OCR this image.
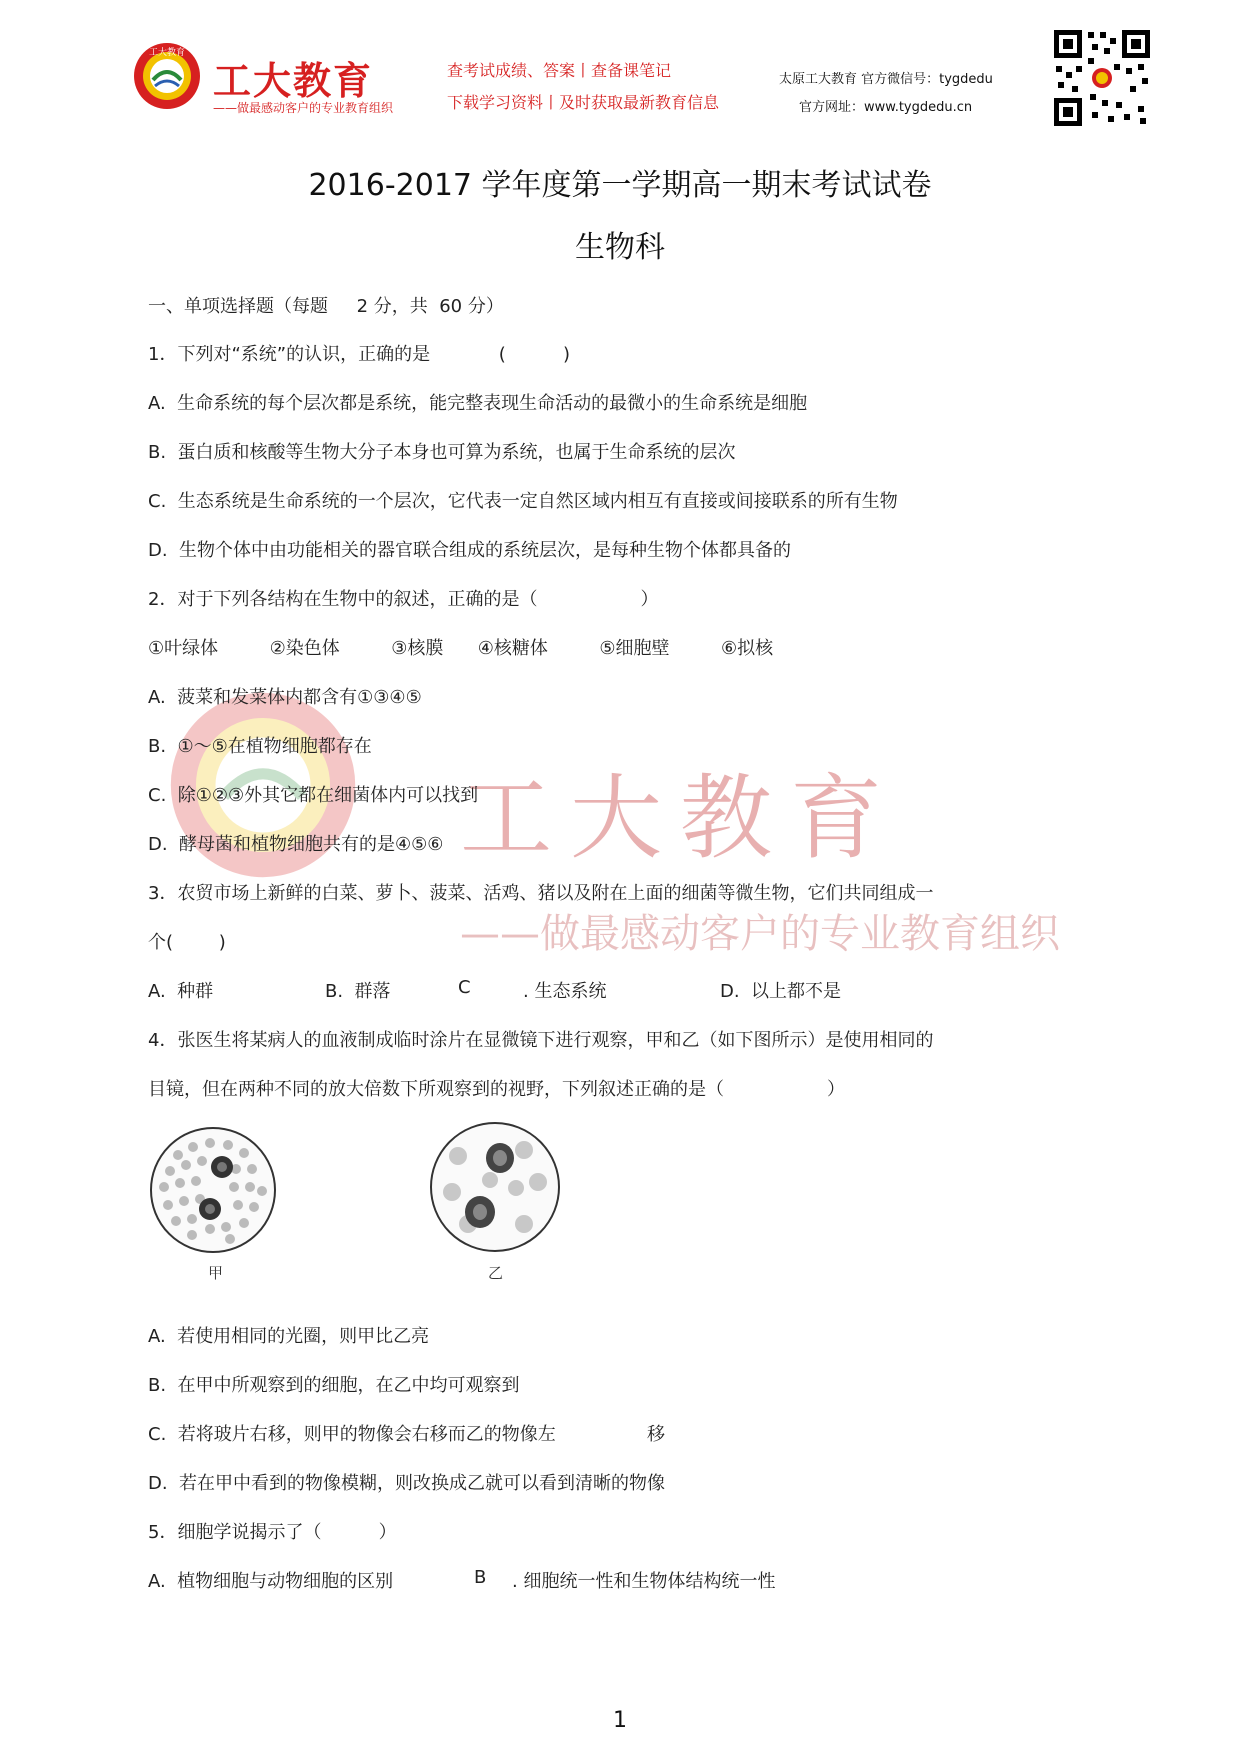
工大教育
工大教育
——做最感动客户的专业教育组织
查考试成绩、答案丨查备课笔记
下载学习资料丨及时获取最新教育信息
太原工大教育 官方微信号：tygdedu
官方网址：www.tygdedu.cn
2016-2017 学年度第一学期高一期末考试试卷
生物科
工大教育
——做最感动客户的专业教育组织
一、单项选择题（每题     2 分，共  60 分）
1．下列对“系统”的认识，正确的是            (          )
A.  生命系统的每个层次都是系统，能完整表现生命活动的最微小的生命系统是细胞
B.  蛋白质和核酸等生物大分子本身也可算为系统，也属于生命系统的层次
C.  生态系统是生命系统的一个层次，它代表一定自然区域内相互有直接或间接联系的所有生物
D.  生物个体中由功能相关的器官联合组成的系统层次，是每种生物个体都具备的
2．对于下列各结构在生物中的叙述，正确的是（                  ）
①叶绿体         ②染色体         ③核膜      ④核糖体         ⑤细胞壁         ⑥拟核
A.  菠菜和发菜体内都含有①③④⑤
B.  ①～⑤在植物细胞都存在
C.  除①②③外其它都在细菌体内可以找到
D.  酵母菌和植物细胞共有的是④⑤⑥
3．农贸市场上新鲜的白菜、萝卜、菠菜、活鸡、猪以及附在上面的细菌等微生物，它们共同组成一
个(        )
A.  种群	B.  群落	C	. 生态系统	D.  以上都不是
4．张医生将某病人的血液制成临时涂片在显微镜下进行观察，甲和乙（如下图所示）是使用相同的
目镜，但在两种不同的放大倍数下所观察到的视野，下列叙述正确的是（                  ）
甲	乙
A.  若使用相同的光圈，则甲比乙亮
B.  在甲中所观察到的细胞，在乙中均可观察到
C.  若将玻片右移，则甲的物像会右移而乙的物像左	移
D.  若在甲中看到的物像模糊，则改换成乙就可以看到清晰的物像
5．细胞学说揭示了（          ）
A.  植物细胞与动物细胞的区别	B . 细胞统一性和生物体结构统一性
1
